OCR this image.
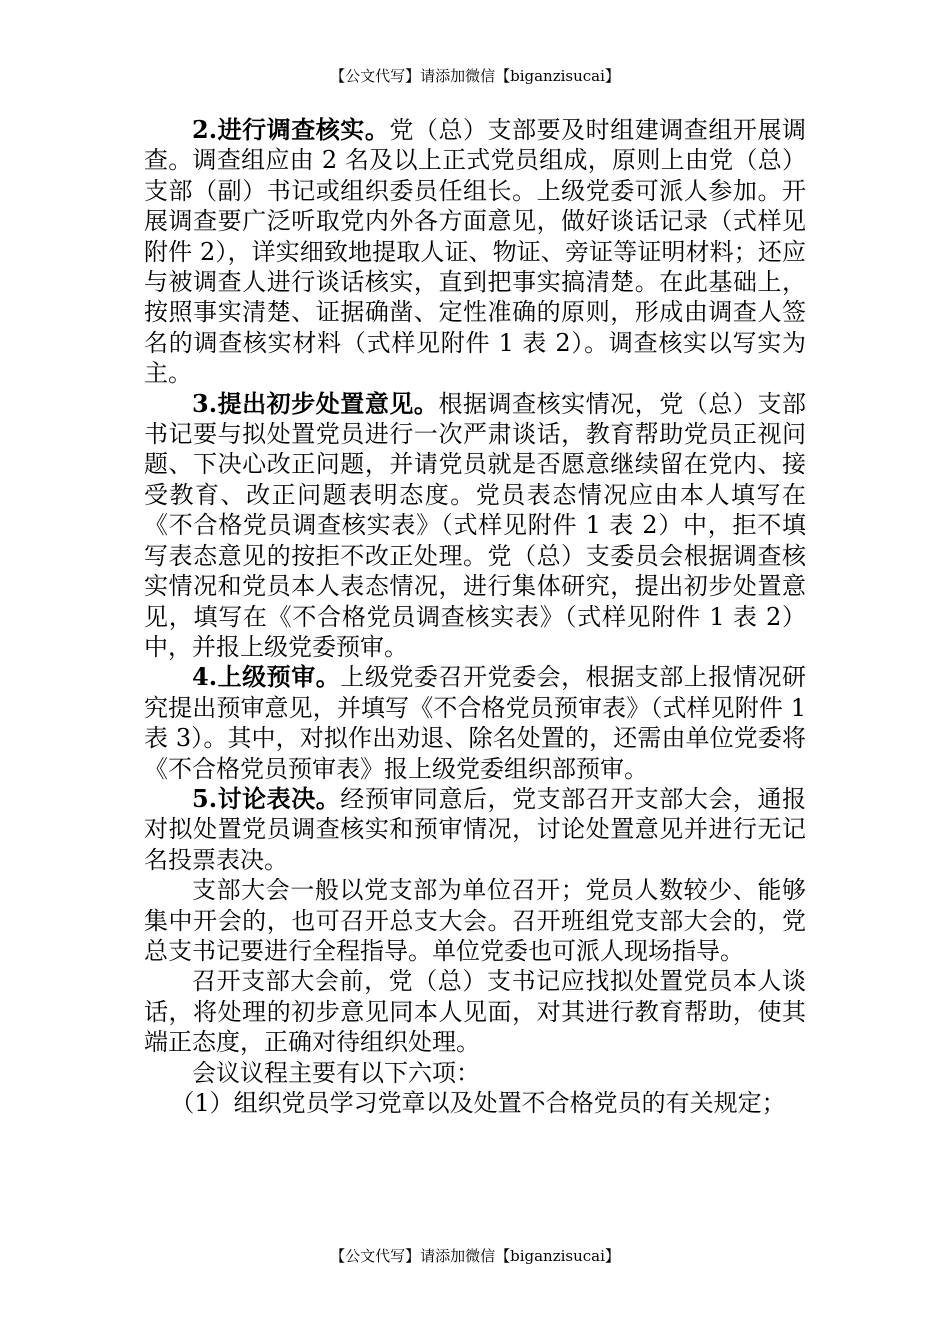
【公文代写】请添加微信【biganzisucai】

2.进行调查核实。党（总）支部要及时组建调查组开展调查。调查组应由 2 名及以上正式党员组成，原则上由党（总）支部（副）书记或组织委员任组长。上级党委可派人参加。开展调查要广泛听取党内外各方面意见，做好谈话记录（式样见附件 2），详实细致地提取人证、物证、旁证等证明材料；还应与被调查人进行谈话核实，直到把事实搞清楚。在此基础上，按照事实清楚、证据确凿、定性准确的原则，形成由调查人签名的调查核实材料（式样见附件 1 表 2）。调查核实以写实为主。

3.提出初步处置意见。根据调查核实情况，党（总）支部书记要与拟处置党员进行一次严肃谈话，教育帮助党员正视问题、下决心改正问题，并请党员就是否愿意继续留在党内、接受教育、改正问题表明态度。党员表态情况应由本人填写在《不合格党员调查核实表》（式样见附件 1 表 2）中，拒不填写表态意见的按拒不改正处理。党（总）支委员会根据调查核实情况和党员本人表态情况，进行集体研究，提出初步处置意见，填写在《不合格党员调查核实表》（式样见附件 1 表 2）中，并报上级党委预审。

4.上级预审。上级党委召开党委会，根据支部上报情况研究提出预审意见，并填写《不合格党员预审表》（式样见附件 1 表 3）。其中，对拟作出劝退、除名处置的，还需由单位党委将《不合格党员预审表》报上级党委组织部预审。

5.讨论表决。经预审同意后，党支部召开支部大会，通报对拟处置党员调查核实和预审情况，讨论处置意见并进行无记名投票表决。

支部大会一般以党支部为单位召开；党员人数较少、能够集中开会的，也可召开总支大会。召开班组党支部大会的，党总支书记要进行全程指导。单位党委也可派人现场指导。

召开支部大会前，党（总）支书记应找拟处置党员本人谈话，将处理的初步意见同本人见面，对其进行教育帮助，使其端正态度，正确对待组织处理。

会议议程主要有以下六项：

（1）组织党员学习党章以及处置不合格党员的有关规定；

【公文代写】请添加微信【biganzisucai】
